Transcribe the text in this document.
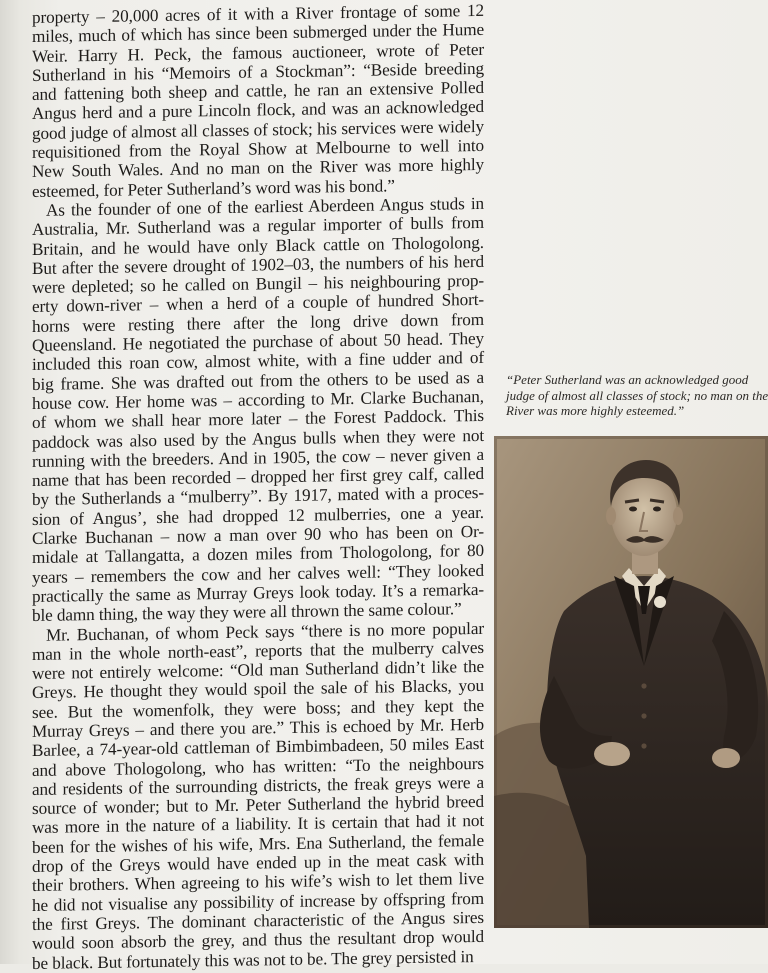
property – 20,000 acres of it with a River frontage of some 12
miles, much of which has since been submerged under the Hume
Weir. Harry H. Peck, the famous auctioneer, wrote of Peter
Sutherland in his “Memoirs of a Stockman”: “Beside breeding
and fattening both sheep and cattle, he ran an extensive Polled
Angus herd and a pure Lincoln flock, and was an acknowledged
good judge of almost all classes of stock; his services were widely
requisitioned from the Royal Show at Melbourne to well into
New South Wales. And no man on the River was more highly
esteemed, for Peter Sutherland’s word was his bond.”
As the founder of one of the earliest Aberdeen Angus studs in
Australia, Mr. Sutherland was a regular importer of bulls from
Britain, and he would have only Black cattle on Thologolong.
But after the severe drought of 1902–03, the numbers of his herd
were depleted; so he called on Bungil – his neighbouring prop-
erty down-river – when a herd of a couple of hundred Short-
horns were resting there after the long drive down from
Queensland. He negotiated the purchase of about 50 head. They
included this roan cow, almost white, with a fine udder and of
big frame. She was drafted out from the others to be used as a
house cow. Her home was – according to Mr. Clarke Buchanan,
of whom we shall hear more later – the Forest Paddock. This
paddock was also used by the Angus bulls when they were not
running with the breeders. And in 1905, the cow – never given a
name that has been recorded – dropped her first grey calf, called
by the Sutherlands a “mulberry”. By 1917, mated with a proces-
sion of Angus’, she had dropped 12 mulberries, one a year.
Clarke Buchanan – now a man over 90 who has been on Or-
midale at Tallangatta, a dozen miles from Thologolong, for 80
years – remembers the cow and her calves well: “They looked
practically the same as Murray Greys look today. It’s a remarka-
ble damn thing, the way they were all thrown the same colour.”
Mr. Buchanan, of whom Peck says “there is no more popular
man in the whole north-east”, reports that the mulberry calves
were not entirely welcome: “Old man Sutherland didn’t like the
Greys. He thought they would spoil the sale of his Blacks, you
see. But the womenfolk, they were boss; and they kept the
Murray Greys – and there you are.” This is echoed by Mr. Herb
Barlee, a 74-year-old cattleman of Bimbimbadeen, 50 miles East
and above Thologolong, who has written: “To the neighbours
and residents of the surrounding districts, the freak greys were a
source of wonder; but to Mr. Peter Sutherland the hybrid breed
was more in the nature of a liability. It is certain that had it not
been for the wishes of his wife, Mrs. Ena Sutherland, the female
drop of the Greys would have ended up in the meat cask with
their brothers. When agreeing to his wife’s wish to let them live
he did not visualise any possibility of increase by offspring from
the first Greys. The dominant characteristic of the Angus sires
would soon absorb the grey, and thus the resultant drop would
be black. But fortunately this was not to be. The grey persisted in
“Peter Sutherland was an acknowledged good
judge of almost all classes of stock; no man on the
River was more highly esteemed.”
